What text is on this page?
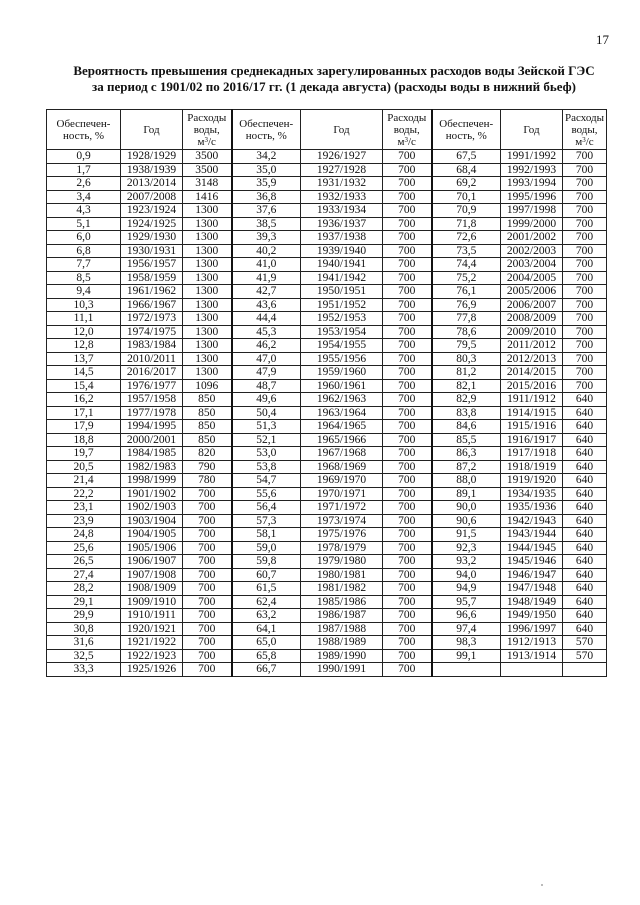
17
Вероятность превышения среднекадных зарегулированных расходов воды Зейской ГЭС
за период с 1901/02 по 2016/17 гг. (1 декада августа) (расходы воды в нижний бьеф)
Обеспечен-
ность, %	Год	Расходы
воды,
$м^3/с$	Обеспечен-
ность, %	Год	Расходы
воды,
$м^3/с$	Обеспечен-
ность, %	Год	Расходы
воды,
$м^3/с$
0,9	1928/1929	3500	34,2	1926/1927	700	67,5	1991/1992	700
1,7	1938/1939	3500	35,0	1927/1928	700	68,4	1992/1993	700
2,6	2013/2014	3148	35,9	1931/1932	700	69,2	1993/1994	700
3,4	2007/2008	1416	36,8	1932/1933	700	70,1	1995/1996	700
4,3	1923/1924	1300	37,6	1933/1934	700	70,9	1997/1998	700
5,1	1924/1925	1300	38,5	1936/1937	700	71,8	1999/2000	700
6,0	1929/1930	1300	39,3	1937/1938	700	72,6	2001/2002	700
6,8	1930/1931	1300	40,2	1939/1940	700	73,5	2002/2003	700
7,7	1956/1957	1300	41,0	1940/1941	700	74,4	2003/2004	700
8,5	1958/1959	1300	41,9	1941/1942	700	75,2	2004/2005	700
9,4	1961/1962	1300	42,7	1950/1951	700	76,1	2005/2006	700
10,3	1966/1967	1300	43,6	1951/1952	700	76,9	2006/2007	700
11,1	1972/1973	1300	44,4	1952/1953	700	77,8	2008/2009	700
12,0	1974/1975	1300	45,3	1953/1954	700	78,6	2009/2010	700
12,8	1983/1984	1300	46,2	1954/1955	700	79,5	2011/2012	700
13,7	2010/2011	1300	47,0	1955/1956	700	80,3	2012/2013	700
14,5	2016/2017	1300	47,9	1959/1960	700	81,2	2014/2015	700
15,4	1976/1977	1096	48,7	1960/1961	700	82,1	2015/2016	700
16,2	1957/1958	850	49,6	1962/1963	700	82,9	1911/1912	640
17,1	1977/1978	850	50,4	1963/1964	700	83,8	1914/1915	640
17,9	1994/1995	850	51,3	1964/1965	700	84,6	1915/1916	640
18,8	2000/2001	850	52,1	1965/1966	700	85,5	1916/1917	640
19,7	1984/1985	820	53,0	1967/1968	700	86,3	1917/1918	640
20,5	1982/1983	790	53,8	1968/1969	700	87,2	1918/1919	640
21,4	1998/1999	780	54,7	1969/1970	700	88,0	1919/1920	640
22,2	1901/1902	700	55,6	1970/1971	700	89,1	1934/1935	640
23,1	1902/1903	700	56,4	1971/1972	700	90,0	1935/1936	640
23,9	1903/1904	700	57,3	1973/1974	700	90,6	1942/1943	640
24,8	1904/1905	700	58,1	1975/1976	700	91,5	1943/1944	640
25,6	1905/1906	700	59,0	1978/1979	700	92,3	1944/1945	640
26,5	1906/1907	700	59,8	1979/1980	700	93,2	1945/1946	640
27,4	1907/1908	700	60,7	1980/1981	700	94,0	1946/1947	640
28,2	1908/1909	700	61,5	1981/1982	700	94,9	1947/1948	640
29,1	1909/1910	700	62,4	1985/1986	700	95,7	1948/1949	640
29,9	1910/1911	700	63,2	1986/1987	700	96,6	1949/1950	640
30,8	1920/1921	700	64,1	1987/1988	700	97,4	1996/1997	640
31,6	1921/1922	700	65,0	1988/1989	700	98,3	1912/1913	570
32,5	1922/1923	700	65,8	1989/1990	700	99,1	1913/1914	570
33,3	1925/1926	700	66,7	1990/1991	700			
